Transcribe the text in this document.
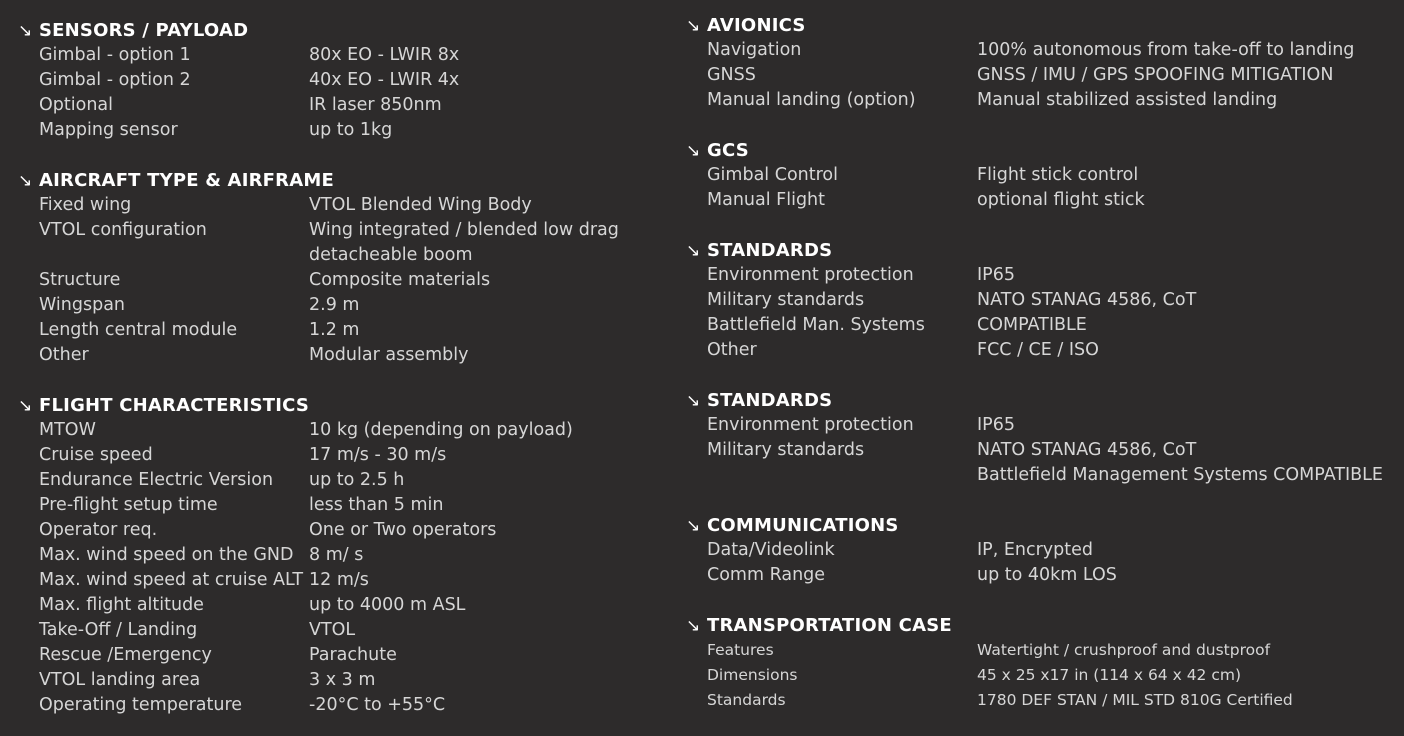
↘ SENSORS / PAYLOAD
Gimbal - option 1	80x EO - LWIR 8x
Gimbal - option 2	40x EO - LWIR 4x
Optional	IR laser 850nm
Mapping sensor	up to 1kg
↘ AIRCRAFT TYPE & AIRFRAME
Fixed wing	VTOL Blended Wing Body
VTOL configuration	Wing integrated / blended low drag
detacheable boom
Structure	Composite materials
Wingspan	2.9 m
Length central module	1.2 m
Other	Modular assembly
↘ FLIGHT CHARACTERISTICS
MTOW	10 kg (depending on payload)
Cruise speed	17 m/s - 30 m/s
Endurance Electric Version	up to 2.5 h
Pre-flight setup time	less than 5 min
Operator req.	One or Two operators
Max. wind speed on the GND 8 m/ s
Max. wind speed at cruise ALT 12 m/s
Max. flight altitude	up to 4000 m ASL
Take-Off / Landing	VTOL
Rescue /Emergency	Parachute
VTOL landing area	3 x 3 m
Operating temperature	-20°C to +55°C
↘ AVIONICS
Navigation	100% autonomous from take-off to landing
GNSS	GNSS / IMU / GPS SPOOFING MITIGATION
Manual landing (option)	Manual stabilized assisted landing
↘ GCS
Gimbal Control	Flight stick control
Manual Flight	optional flight stick
↘ STANDARDS
Environment protection	IP65
Military standards	NATO STANAG 4586, CoT
Battlefield Man. Systems	COMPATIBLE
Other	FCC / CE / ISO
↘ STANDARDS
Environment protection	IP65
Military standards	NATO STANAG 4586, CoT
Battlefield Management Systems COMPATIBLE
↘ COMMUNICATIONS
Data/Videolink	IP, Encrypted
Comm Range	up to 40km LOS
↘ TRANSPORTATION CASE
Features	Watertight / crushproof and dustproof
Dimensions	45 x 25 x17 in (114 x 64 x 42 cm)
Standards	1780 DEF STAN / MIL STD 810G Certified
